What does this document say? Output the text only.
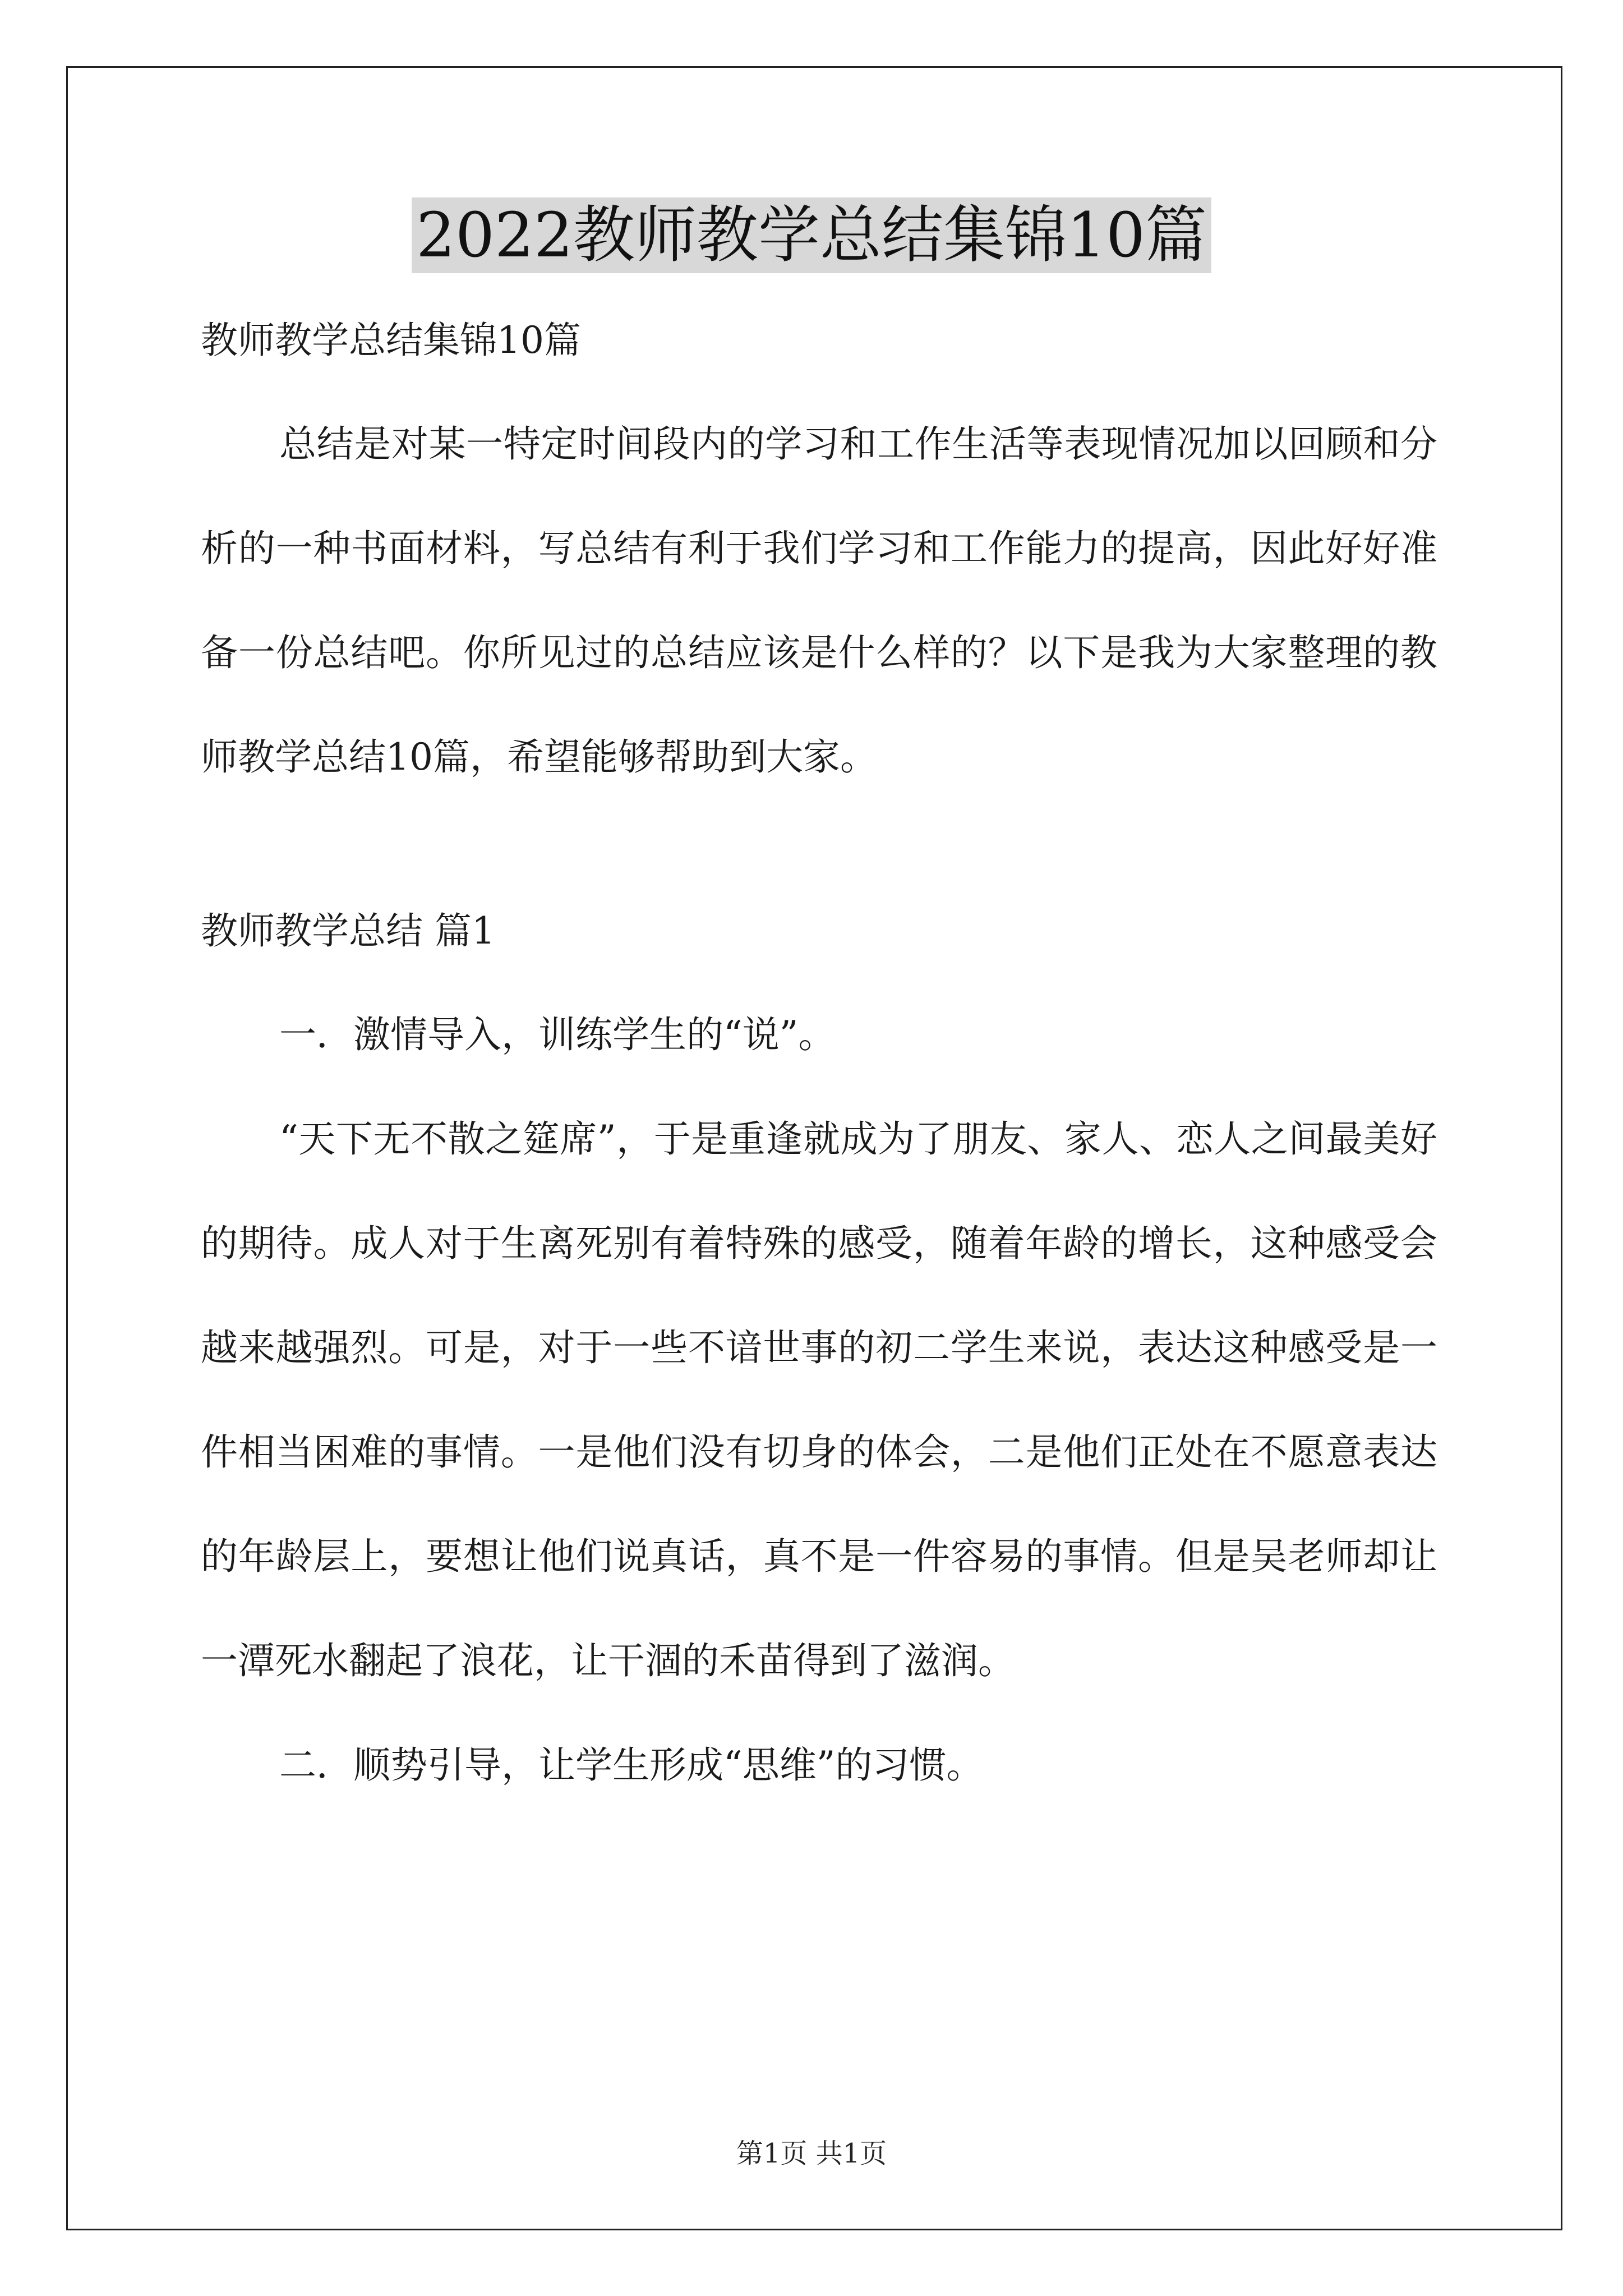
2022教师教学总结集锦10篇

教师教学总结集锦10篇

总结是对某一特定时间段内的学习和工作生活等表现情况加以回顾和分析的一种书面材料，写总结有利于我们学习和工作能力的提高，因此好好准备一份总结吧。你所见过的总结应该是什么样的？以下是我为大家整理的教师教学总结10篇，希望能够帮助到大家。

教师教学总结 篇1

一．激情导入，训练学生的“说”。

“天下无不散之筵席”，于是重逢就成为了朋友、家人、恋人之间最美好的期待。成人对于生离死别有着特殊的感受，随着年龄的增长，这种感受会越来越强烈。可是，对于一些不谙世事的初二学生来说，表达这种感受是一件相当困难的事情。一是他们没有切身的体会，二是他们正处在不愿意表达的年龄层上，要想让他们说真话，真不是一件容易的事情。但是吴老师却让一潭死水翻起了浪花，让干涸的禾苗得到了滋润。

二．顺势引导，让学生形成“思维”的习惯。

第1页 共1页
